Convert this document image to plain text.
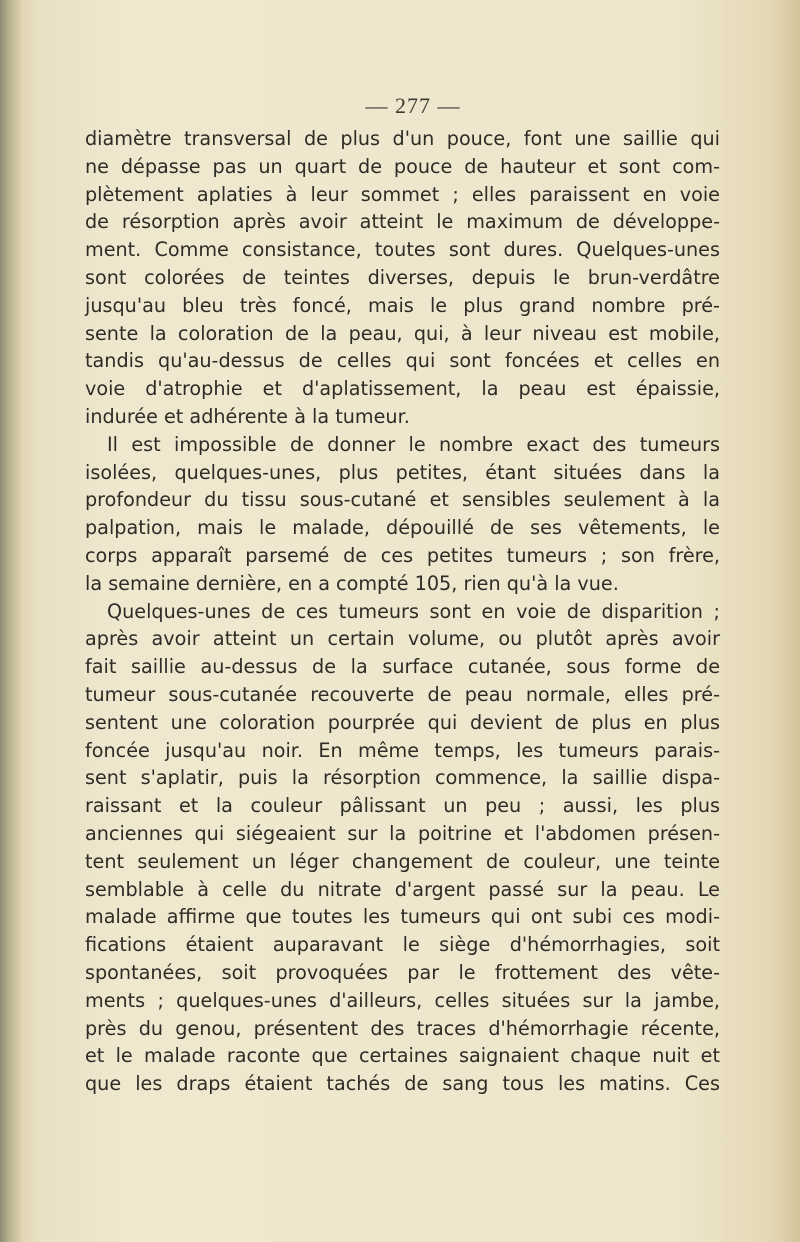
— 277 —
diamètre transversal de plus d'un pouce, font une saillie qui
ne dépasse pas un quart de pouce de hauteur et sont com-
plètement aplaties à leur sommet ; elles paraissent en voie
de résorption après avoir atteint le maximum de développe-
ment. Comme consistance, toutes sont dures. Quelques-unes
sont colorées de teintes diverses, depuis le brun-verdâtre
jusqu'au bleu très foncé, mais le plus grand nombre pré-
sente la coloration de la peau, qui, à leur niveau est mobile,
tandis qu'au-dessus de celles qui sont foncées et celles en
voie d'atrophie et d'aplatissement, la peau est épaissie,
indurée et adhérente à la tumeur.
Il est impossible de donner le nombre exact des tumeurs
isolées, quelques-unes, plus petites, étant situées dans la
profondeur du tissu sous-cutané et sensibles seulement à la
palpation, mais le malade, dépouillé de ses vêtements, le
corps apparaît parsemé de ces petites tumeurs ; son frère,
la semaine dernière, en a compté 105, rien qu'à la vue.
Quelques-unes de ces tumeurs sont en voie de disparition ;
après avoir atteint un certain volume, ou plutôt après avoir
fait saillie au-dessus de la surface cutanée, sous forme de
tumeur sous-cutanée recouverte de peau normale, elles pré-
sentent une coloration pourprée qui devient de plus en plus
foncée jusqu'au noir. En même temps, les tumeurs parais-
sent s'aplatir, puis la résorption commence, la saillie dispa-
raissant et la couleur pâlissant un peu ; aussi, les plus
anciennes qui siégeaient sur la poitrine et l'abdomen présen-
tent seulement un léger changement de couleur, une teinte
semblable à celle du nitrate d'argent passé sur la peau. Le
malade affirme que toutes les tumeurs qui ont subi ces modi-
fications étaient auparavant le siège d'hémorrhagies, soit
spontanées, soit provoquées par le frottement des vête-
ments ; quelques-unes d'ailleurs, celles situées sur la jambe,
près du genou, présentent des traces d'hémorrhagie récente,
et le malade raconte que certaines saignaient chaque nuit et
que les draps étaient tachés de sang tous les matins. Ces
